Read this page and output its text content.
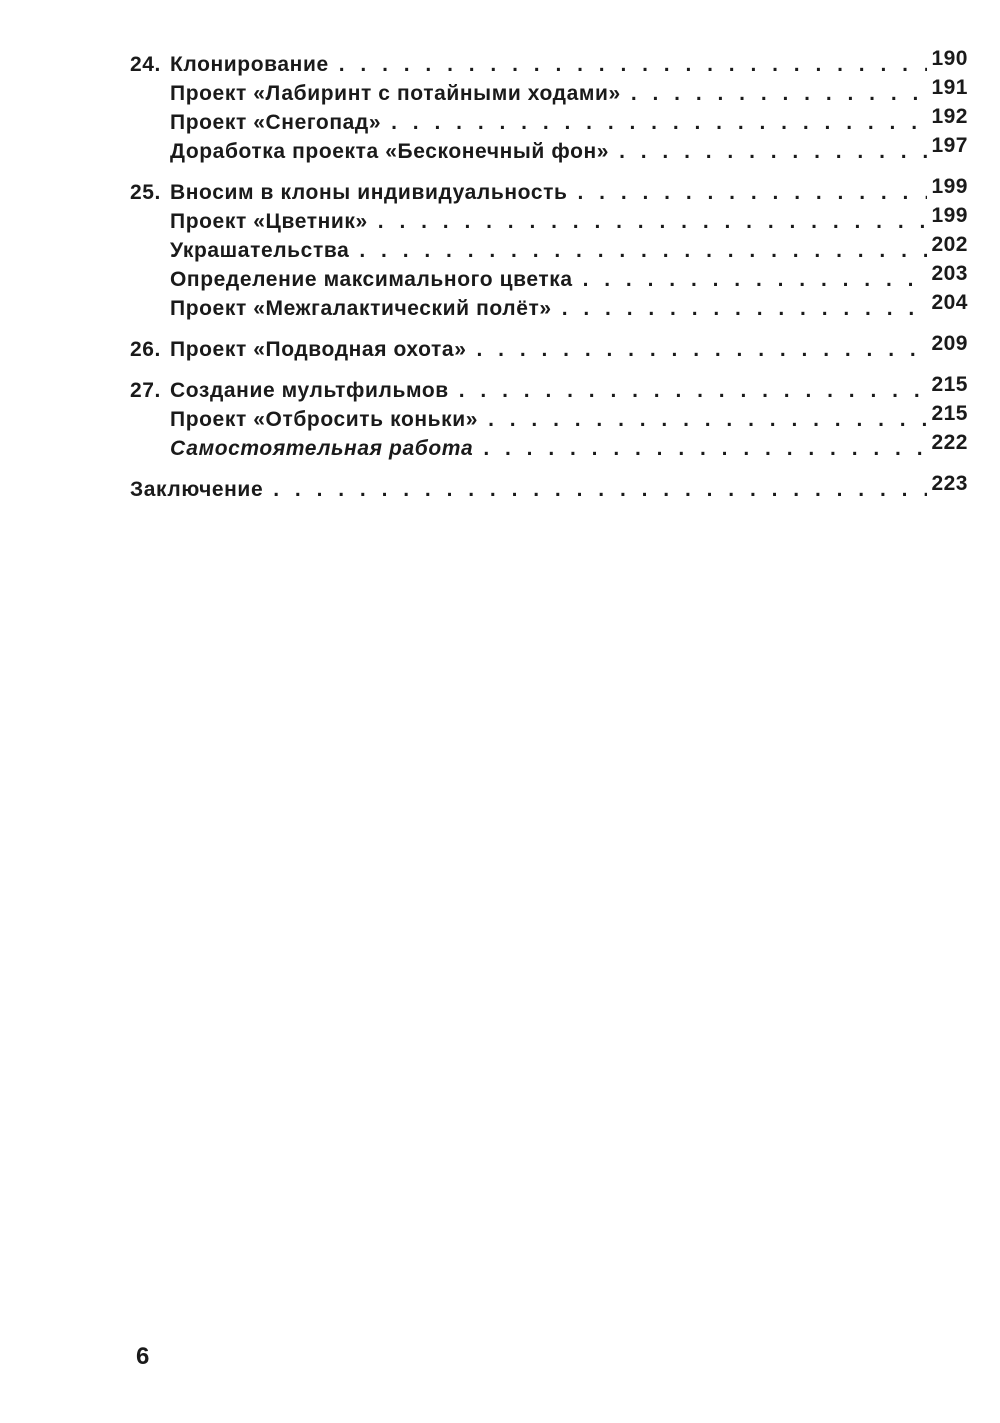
24. Клонирование . . .	190
Проект «Лабиринт с потайными ходами» . . .	191
Проект «Снегопад» . . .	192
Доработка проекта «Бесконечный фон» . . .	197
25. Вносим в клоны индивидуальность . . .	199
Проект «Цветник» . . .	199
Украшательства . . .	202
Определение максимального цветка . . .	203
Проект «Межгалактический полёт» . . .	204
26. Проект «Подводная охота» . . .	209
27. Создание мультфильмов . . .	215
Проект «Отбросить коньки» . . .	215
Самостоятельная работа . . .	222
Заключение . . .	223
6
